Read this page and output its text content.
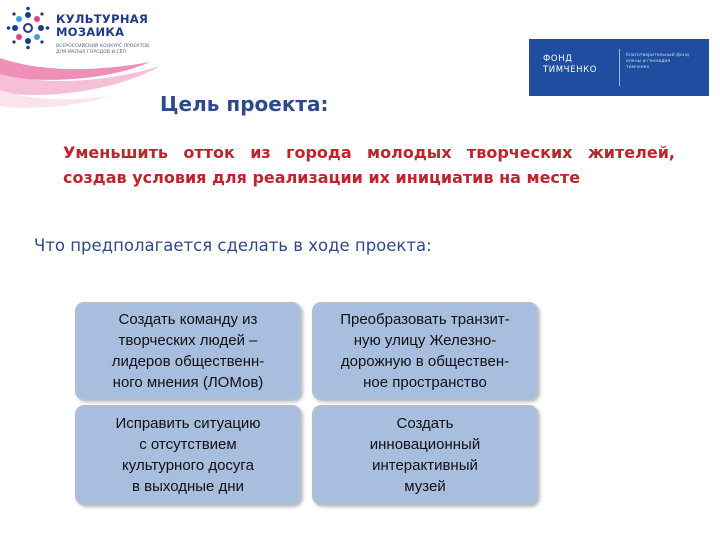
КУЛЬТУРНАЯ
МОЗАИКА
ВСЕРОССИЙСКИЙ КОНКУРС ПРОЕКТОВ
ДЛЯ МАЛЫХ ГОРОДОВ И СЁЛ
ФОНД
ТИМЧЕНКО
благотворительный фонд
елены и геннадия
тимченко
Цель проекта:
Уменьшить отток из города молодых творческих жителей,
создав условия для реализации их инициатив на месте
Что предполагается сделать в ходе проекта:
Создать команду из
творческих людей –
лидеров общественн-
ного мнения (ЛОМов)
Преобразовать транзит-
ную улицу Железно-
дорожную в обществен-
ное пространство
Исправить ситуацию
с отсутствием
культурного досуга
в выходные дни
Создать
инновационный
интерактивный
музей
